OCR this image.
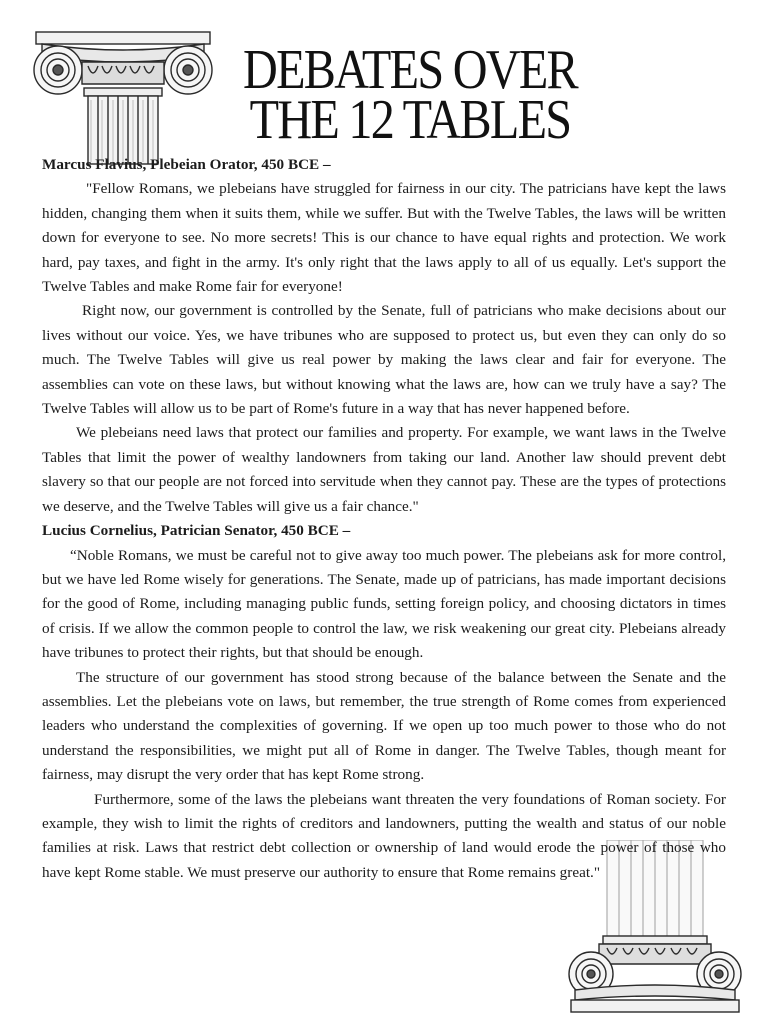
DEBATES OVER
THE 12 TABLES

Marcus Flavius, Plebeian Orator, 450 BCE –

"Fellow Romans, we plebeians have struggled for fairness in our city. The patricians have kept the laws hidden, changing them when it suits them, while we suffer. But with the Twelve Tables, the laws will be written down for everyone to see. No more secrets! This is our chance to have equal rights and protection. We work hard, pay taxes, and fight in the army. It's only right that the laws apply to all of us equally. Let's support the Twelve Tables and make Rome fair for everyone!

Right now, our government is controlled by the Senate, full of patricians who make decisions about our lives without our voice. Yes, we have tribunes who are supposed to protect us, but even they can only do so much. The Twelve Tables will give us real power by making the laws clear and fair for everyone. The assemblies can vote on these laws, but without knowing what the laws are, how can we truly have a say? The Twelve Tables will allow us to be part of Rome's future in a way that has never happened before.

We plebeians need laws that protect our families and property. For example, we want laws in the Twelve Tables that limit the power of wealthy landowners from taking our land. Another law should prevent debt slavery so that our people are not forced into servitude when they cannot pay. These are the types of protections we deserve, and the Twelve Tables will give us a fair chance."

Lucius Cornelius, Patrician Senator, 450 BCE –

“Noble Romans, we must be careful not to give away too much power. The plebeians ask for more control, but we have led Rome wisely for generations. The Senate, made up of patricians, has made important decisions for the good of Rome, including managing public funds, setting foreign policy, and choosing dictators in times of crisis. If we allow the common people to control the law, we risk weakening our great city. Plebeians already have tribunes to protect their rights, but that should be enough.

The structure of our government has stood strong because of the balance between the Senate and the assemblies. Let the plebeians vote on laws, but remember, the true strength of Rome comes from experienced leaders who understand the complexities of governing. If we open up too much power to those who do not understand the responsibilities, we might put all of Rome in danger. The Twelve Tables, though meant for fairness, may disrupt the very order that has kept Rome strong.

Furthermore, some of the laws the plebeians want threaten the very foundations of Roman society. For example, they wish to limit the rights of creditors and landowners, putting the wealth and status of our noble families at risk. Laws that restrict debt collection or ownership of land would erode the power of those who have kept Rome stable. We must preserve our authority to ensure that Rome remains great."
